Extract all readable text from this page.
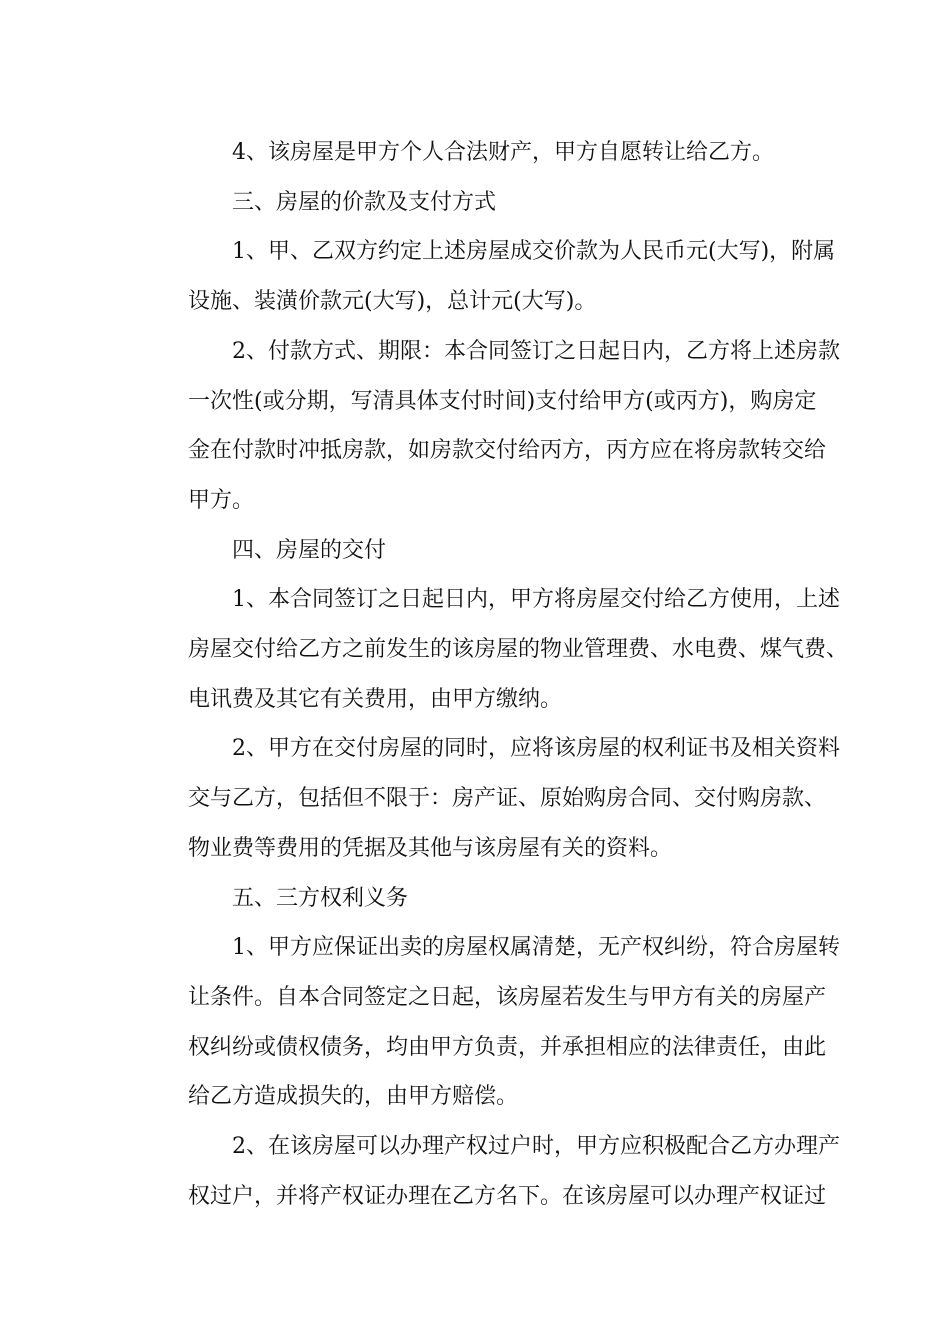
4、该房屋是甲方个人合法财产，甲方自愿转让给乙方。
三、房屋的价款及支付方式
1、甲、乙双方约定上述房屋成交价款为人民币元(大写)，附属
设施、装潢价款元(大写)，总计元(大写)。
2、付款方式、期限：本合同签订之日起日内，乙方将上述房款
一次性(或分期，写清具体支付时间)支付给甲方(或丙方)，购房定
金在付款时冲抵房款，如房款交付给丙方，丙方应在将房款转交给
甲方。
四、房屋的交付
1、本合同签订之日起日内，甲方将房屋交付给乙方使用，上述
房屋交付给乙方之前发生的该房屋的物业管理费、水电费、煤气费、
电讯费及其它有关费用，由甲方缴纳。
2、甲方在交付房屋的同时，应将该房屋的权利证书及相关资料
交与乙方，包括但不限于：房产证、原始购房合同、交付购房款、
物业费等费用的凭据及其他与该房屋有关的资料。
五、三方权利义务
1、甲方应保证出卖的房屋权属清楚，无产权纠纷，符合房屋转
让条件。自本合同签定之日起，该房屋若发生与甲方有关的房屋产
权纠纷或债权债务，均由甲方负责，并承担相应的法律责任，由此
给乙方造成损失的，由甲方赔偿。
2、在该房屋可以办理产权过户时，甲方应积极配合乙方办理产
权过户，并将产权证办理在乙方名下。在该房屋可以办理产权证过
